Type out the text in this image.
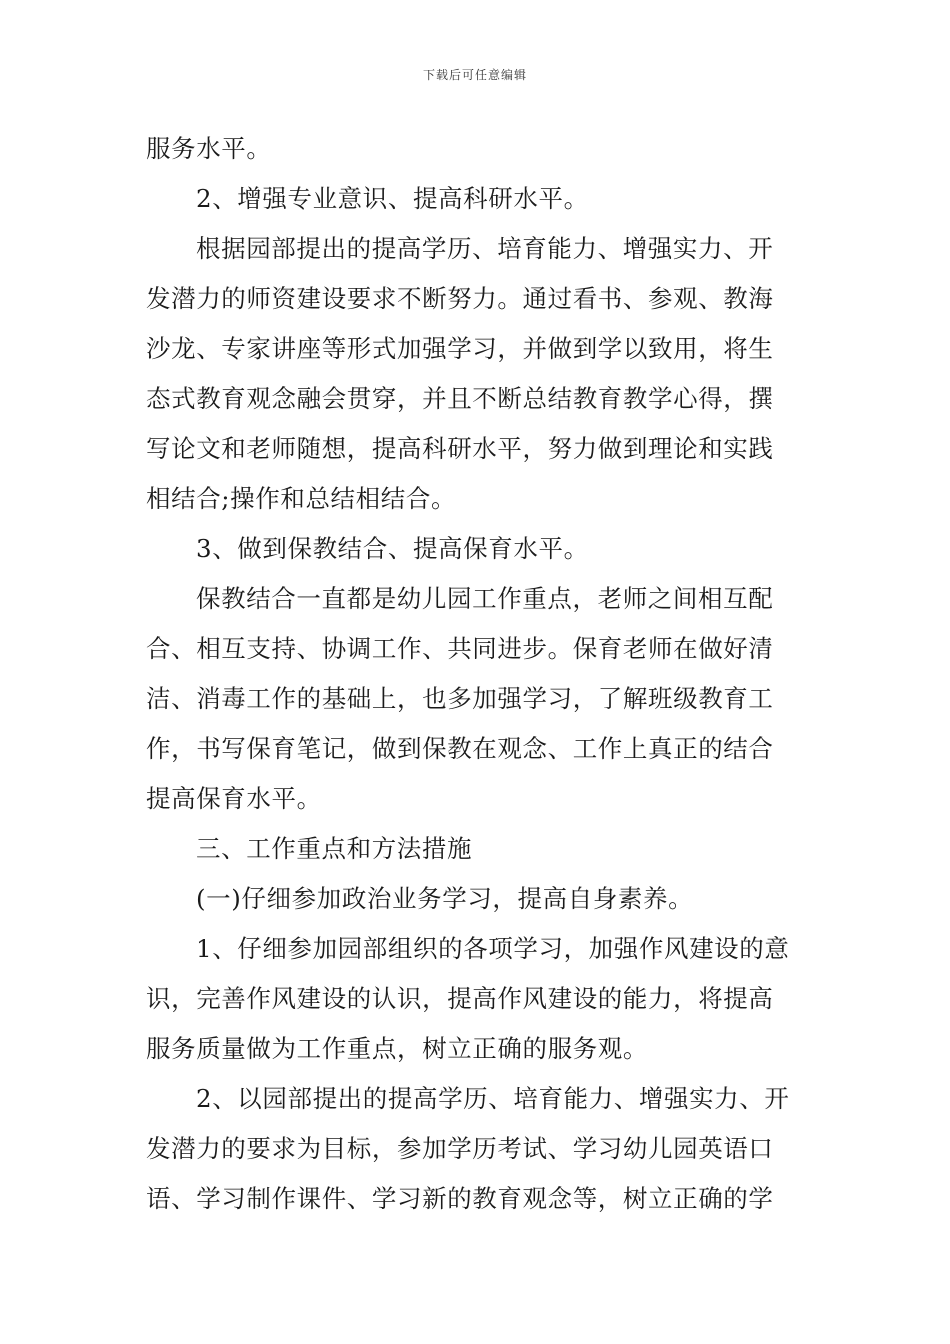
下载后可任意编辑
服务水平。
2、增强专业意识、提高科研水平。
根据园部提出的提高学历、培育能力、增强实力、开
发潜力的师资建设要求不断努力。通过看书、参观、教海
沙龙、专家讲座等形式加强学习，并做到学以致用，将生
态式教育观念融会贯穿，并且不断总结教育教学心得，撰
写论文和老师随想，提高科研水平，努力做到理论和实践
相结合;操作和总结相结合。
3、做到保教结合、提高保育水平。
保教结合一直都是幼儿园工作重点，老师之间相互配
合、相互支持、协调工作、共同进步。保育老师在做好清
洁、消毒工作的基础上，也多加强学习，了解班级教育工
作，书写保育笔记，做到保教在观念、工作上真正的结合
提高保育水平。
三、工作重点和方法措施
(一)仔细参加政治业务学习，提高自身素养。
1、仔细参加园部组织的各项学习，加强作风建设的意
识，完善作风建设的认识，提高作风建设的能力，将提高
服务质量做为工作重点，树立正确的服务观。
2、以园部提出的提高学历、培育能力、增强实力、开
发潜力的要求为目标，参加学历考试、学习幼儿园英语口
语、学习制作课件、学习新的教育观念等，树立正确的学
